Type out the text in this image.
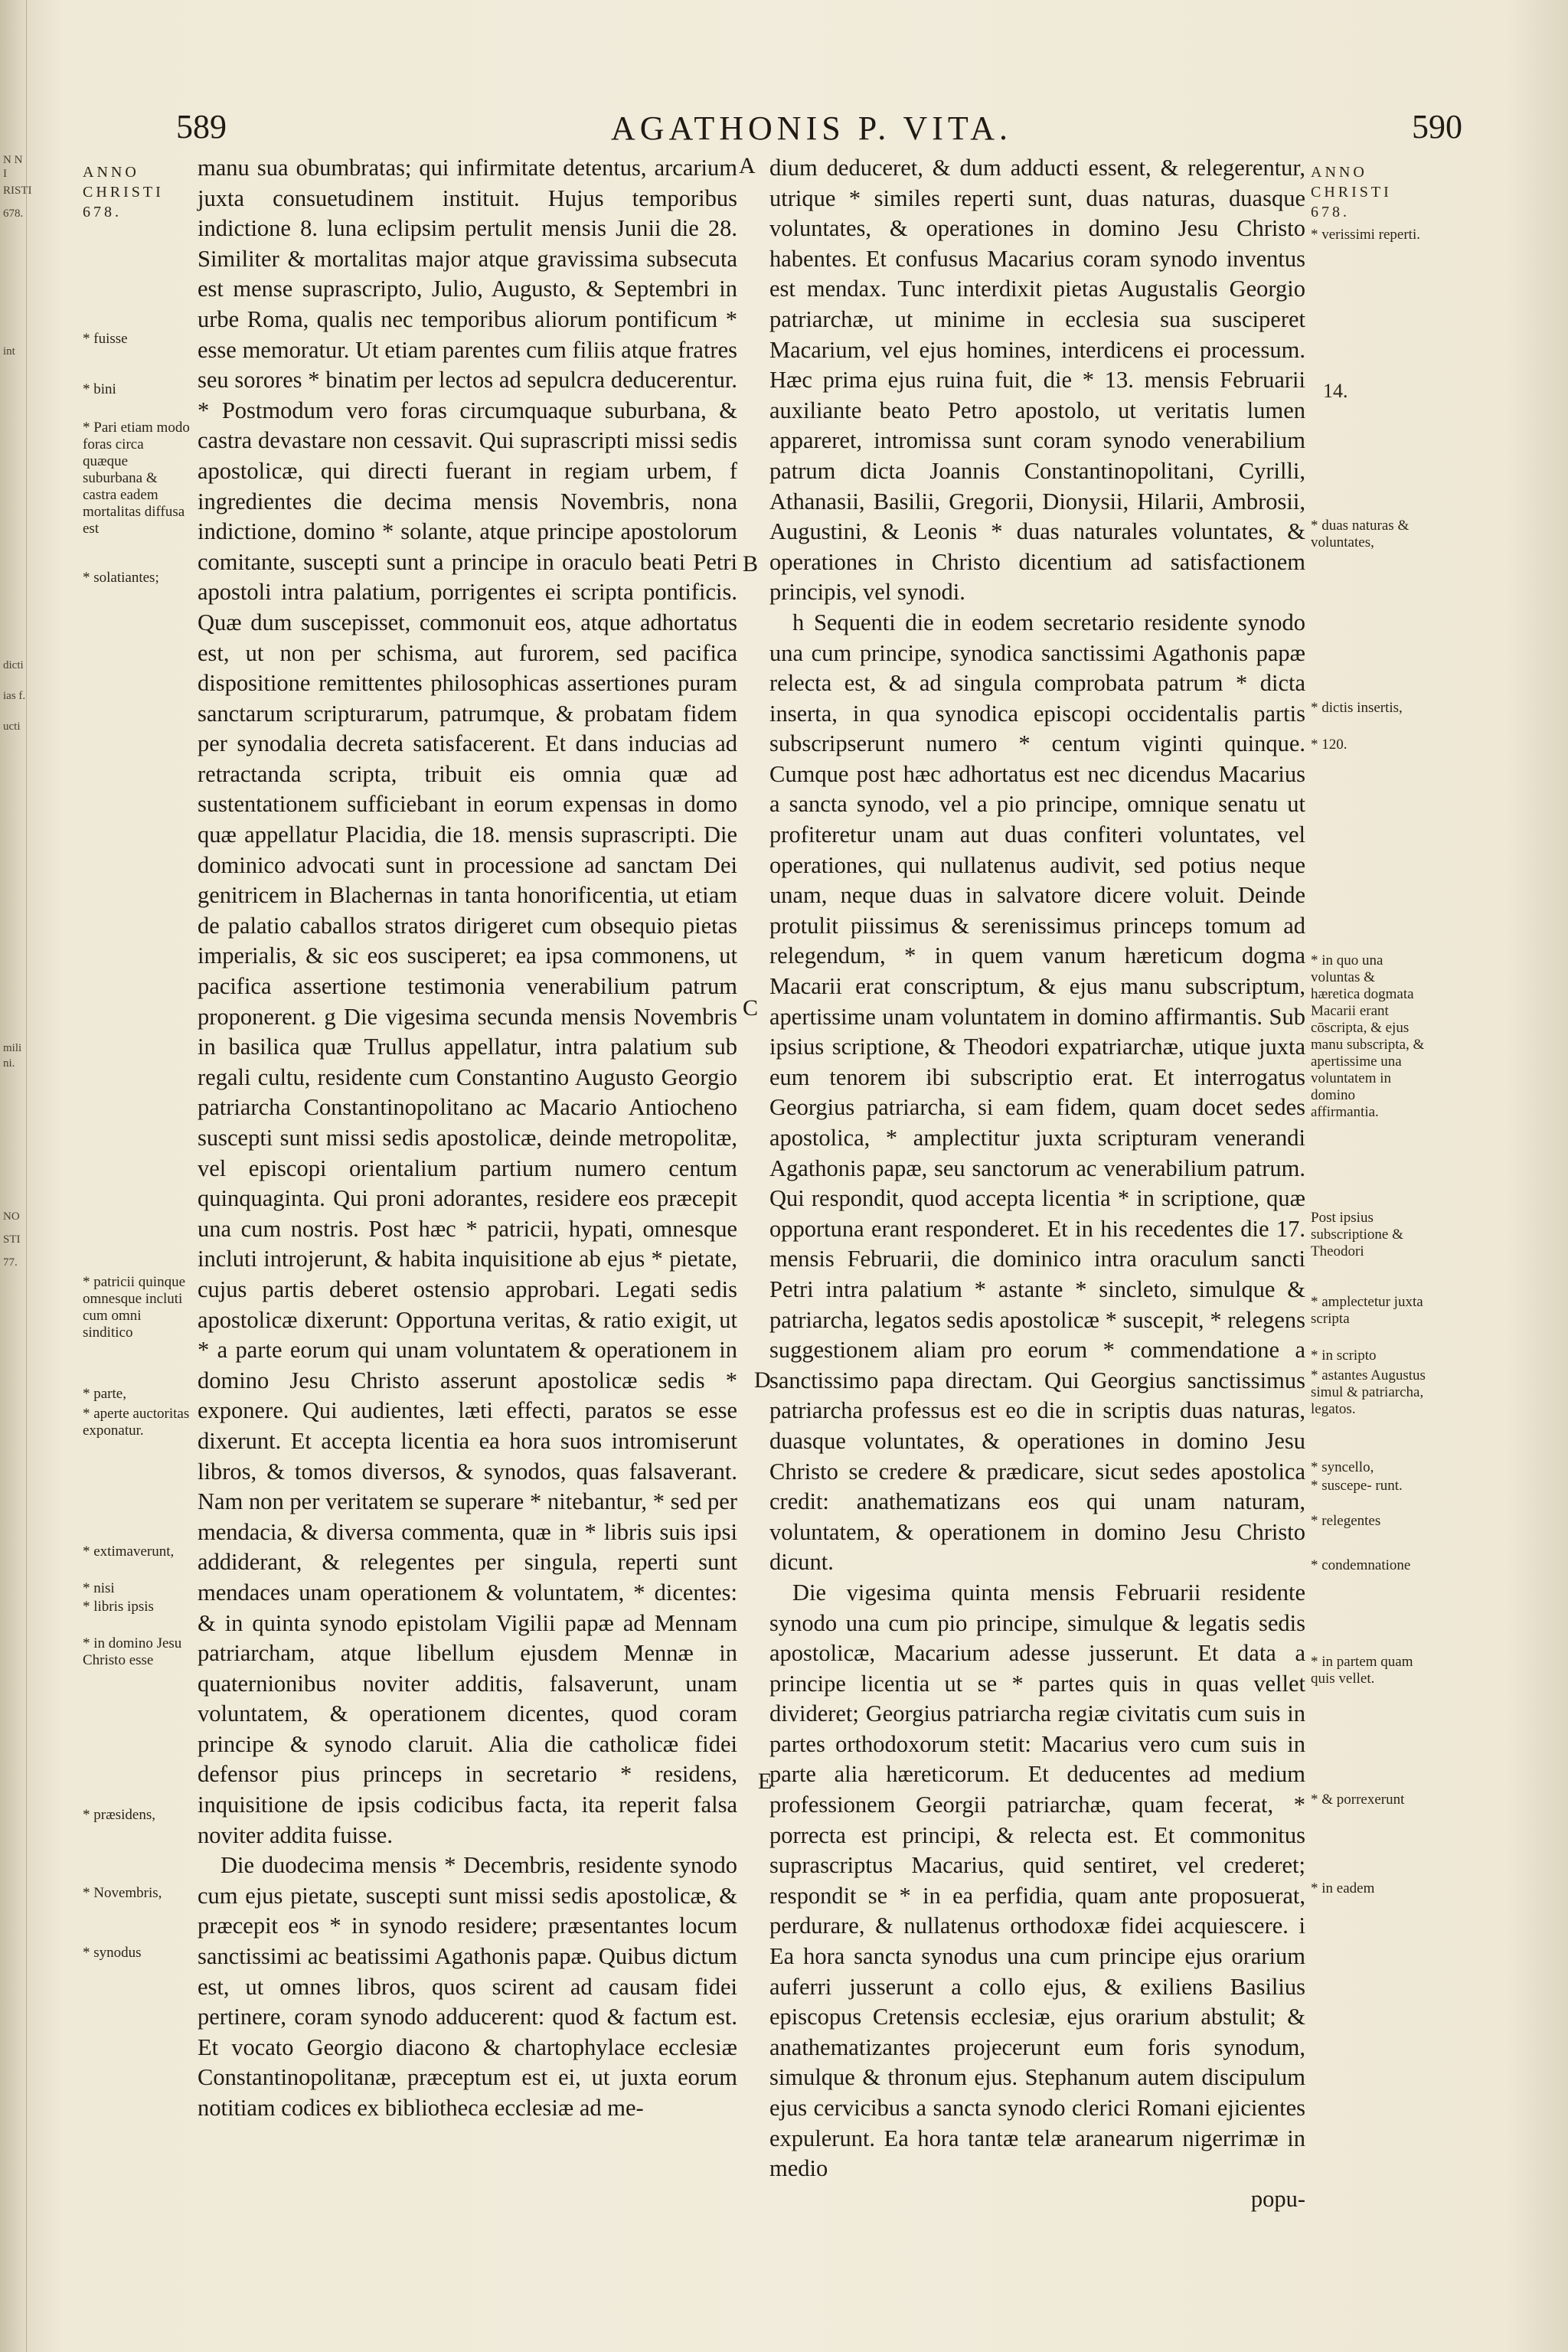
N N I
RISTI
678.
int
dicti
ias f.
ucti
mili
ni.
NO
STI
77.
589	AGATHONIS P. VITA.	590
ANNO
CHRISTI
678.
* fuisse
* bini
* Pari etiam modo foras circa quæque suburbana & castra eadem mortalitas diffusa est
* solatiantes;
* patricii quinque omnesque incluti cum omni sinditico
* parte,
* aperte auctoritas exponatur.
* extimaverunt,
* nisi
* libris ipsis
* in domino Jesu Christo esse
* præsidens,
* Novembris,
* synodus
A
B
C
D
E

manu sua obumbratas; qui infirmitate detentus, arcarium juxta consuetudinem instituit. Hujus temporibus indictione 8. luna eclipsim pertulit mensis Junii die 28. Similiter & mortalitas major atque gravissima subsecuta est mense suprascripto, Julio, Augusto, & Septembri in urbe Roma, qualis nec temporibus aliorum pontificum * esse memoratur. Ut etiam parentes cum filiis atque fratres seu sorores * binatim per lectos ad sepulcra deducerentur. * Postmodum vero foras circumquaque suburbana, & castra devastare non cessavit. Qui suprascripti missi sedis apostolicæ, qui directi fuerant in regiam urbem, f ingredientes die decima mensis Novembris, nona indictione, domino * solante, atque principe apostolorum comitante, suscepti sunt a principe in oraculo beati Petri apostoli intra palatium, porrigentes ei scripta pontificis. Quæ dum suscepisset, commonuit eos, atque adhortatus est, ut non per schisma, aut furorem, sed pacifica dispositione remittentes philosophicas assertiones puram sanctarum scripturarum, patrumque, & probatam fidem per synodalia decreta satisfacerent. Et dans inducias ad retractanda scripta, tribuit eis omnia quæ ad sustentationem sufficiebant in eorum expensas in domo quæ appellatur Placidia, die 18. mensis suprascripti. Die dominico advocati sunt in processione ad sanctam Dei genitricem in Blachernas in tanta honorificentia, ut etiam de palatio caballos stratos dirigeret cum obsequio pietas imperialis, & sic eos susciperet; ea ipsa commonens, ut pacifica assertione testimonia venerabilium patrum proponerent. g Die vigesima secunda mensis Novembris in basilica quæ Trullus appellatur, intra palatium sub regali cultu, residente cum Constantino Augusto Georgio patriarcha Constantinopolitano ac Macario Antiocheno suscepti sunt missi sedis apostolicæ, deinde metropolitæ, vel episcopi orientalium partium numero centum quinquaginta. Qui proni adorantes, residere eos præcepit una cum nostris. Post hæc * patricii, hypati, omnesque incluti introjerunt, & habita inquisitione ab ejus * pietate, cujus partis deberet ostensio approbari. Legati sedis apostolicæ dixerunt: Opportuna veritas, & ratio exigit, ut * a parte eorum qui unam voluntatem & operationem in domino Jesu Christo asserunt apostolicæ sedis * exponere. Qui audientes, læti effecti, paratos se esse dixerunt. Et accepta licentia ea hora suos intromiserunt libros, & tomos diversos, & synodos, quas falsaverant. Nam non per veritatem se superare * nitebantur, * sed per mendacia, & diversa commenta, quæ in * libris suis ipsi addiderant, & relegentes per singula, reperti sunt mendaces unam operationem & voluntatem, * dicentes: & in quinta synodo epistolam Vigilii papæ ad Mennam patriarcham, atque libellum ejusdem Mennæ in quaternionibus noviter additis, falsaverunt, unam voluntatem, & operationem dicentes, quod coram principe & synodo claruit. Alia die catholicæ fidei defensor pius princeps in secretario * residens, inquisitione de ipsis codicibus facta, ita reperit falsa noviter addita fuisse.

Die duodecima mensis * Decembris, residente synodo cum ejus pietate, suscepti sunt missi sedis apostolicæ, & præcepit eos * in synodo residere; præsentantes locum sanctissimi ac beatissimi Agathonis papæ. Quibus dictum est, ut omnes libros, quos scirent ad causam fidei pertinere, coram synodo adducerent: quod & factum est. Et vocato Georgio diacono & chartophylace ecclesiæ Constantinopolitanæ, præceptum est ei, ut juxta eorum notitiam codices ex bibliotheca ecclesiæ ad me-

dium deduceret, & dum adducti essent, & relegerentur, utrique * similes reperti sunt, duas naturas, duasque voluntates, & operationes in domino Jesu Christo habentes. Et confusus Macarius coram synodo inventus est mendax. Tunc interdixit pietas Augustalis Georgio patriarchæ, ut minime in ecclesia sua susciperet Macarium, vel ejus homines, interdicens ei processum. Hæc prima ejus ruina fuit, die * 13. mensis Februarii auxiliante beato Petro apostolo, ut veritatis lumen appareret, intromissa sunt coram synodo venerabilium patrum dicta Joannis Constantinopolitani, Cyrilli, Athanasii, Basilii, Gregorii, Dionysii, Hilarii, Ambrosii, Augustini, & Leonis * duas naturales voluntates, & operationes in Christo dicentium ad satisfactionem principis, vel synodi.

h Sequenti die in eodem secretario residente synodo una cum principe, synodica sanctissimi Agathonis papæ relecta est, & ad singula comprobata patrum * dicta inserta, in qua synodica episcopi occidentalis partis subscripserunt numero * centum viginti quinque. Cumque post hæc adhortatus est nec dicendus Macarius a sancta synodo, vel a pio principe, omnique senatu ut profiteretur unam aut duas confiteri voluntates, vel operationes, qui nullatenus audivit, sed potius neque unam, neque duas in salvatore dicere voluit. Deinde protulit piissimus & serenissimus princeps tomum ad relegendum, * in quem vanum hæreticum dogma Macarii erat conscriptum, & ejus manu subscriptum, apertissime unam voluntatem in domino affirmantis. Sub ipsius scriptione, & Theodori expatriarchæ, utique juxta eum tenorem ibi subscriptio erat. Et interrogatus Georgius patriarcha, si eam fidem, quam docet sedes apostolica, * amplectitur juxta scripturam venerandi Agathonis papæ, seu sanctorum ac venerabilium patrum. Qui respondit, quod accepta licentia * in scriptione, quæ opportuna erant responderet. Et in his recedentes die 17. mensis Februarii, die dominico intra oraculum sancti Petri intra palatium * astante * sincleto, simulque & patriarcha, legatos sedis apostolicæ * suscepit, * relegens suggestionem aliam pro eorum * commendatione a sanctissimo papa directam. Qui Georgius sanctissimus patriarcha professus est eo die in scriptis duas naturas, duasque voluntates, & operationes in domino Jesu Christo se credere & prædicare, sicut sedes apostolica credit: anathematizans eos qui unam naturam, voluntatem, & operationem in domino Jesu Christo dicunt.

Die vigesima quinta mensis Februarii residente synodo una cum pio principe, simulque & legatis sedis apostolicæ, Macarium adesse jusserunt. Et data a principe licentia ut se * partes quis in quas vellet divideret; Georgius patriarcha regiæ civitatis cum suis in partes orthodoxorum stetit: Macarius vero cum suis in parte alia hæreticorum. Et deducentes ad medium professionem Georgii patriarchæ, quam fecerat, * porrecta est principi, & relecta est. Et commonitus suprascriptus Macarius, quid sentiret, vel crederet; respondit se * in ea perfidia, quam ante proposuerat, perdurare, & nullatenus orthodoxæ fidei acquiescere. i Ea hora sancta synodus una cum principe ejus orarium auferri jusserunt a collo ejus, & exiliens Basilius episcopus Cretensis ecclesiæ, ejus orarium abstulit; & anathematizantes projecerunt eum foris synodum, simulque & thronum ejus. Stephanum autem discipulum ejus cervicibus a sancta synodo clerici Romani ejicientes expulerunt. Ea hora tantæ telæ aranearum nigerrimæ in medio

popu-

ANNO
CHRISTI
678.
* verissimi reperti.
14.
* duas naturas & voluntates,
* dictis insertis,
* 120.
* in quo una voluntas & hæretica dogmata Macarii erant cōscripta, & ejus manu subscripta, & apertissime una voluntatem in domino affirmantia.
Post ipsius subscriptione & Theodori
* amplectetur juxta scripta
* in scripto
* astantes Augustus simul & patriarcha, legatos.
* syncello,
* suscepe- runt.
* relegentes
* condemnatione
* in partem quam quis vellet.
* & porrexerunt
* in eadem
